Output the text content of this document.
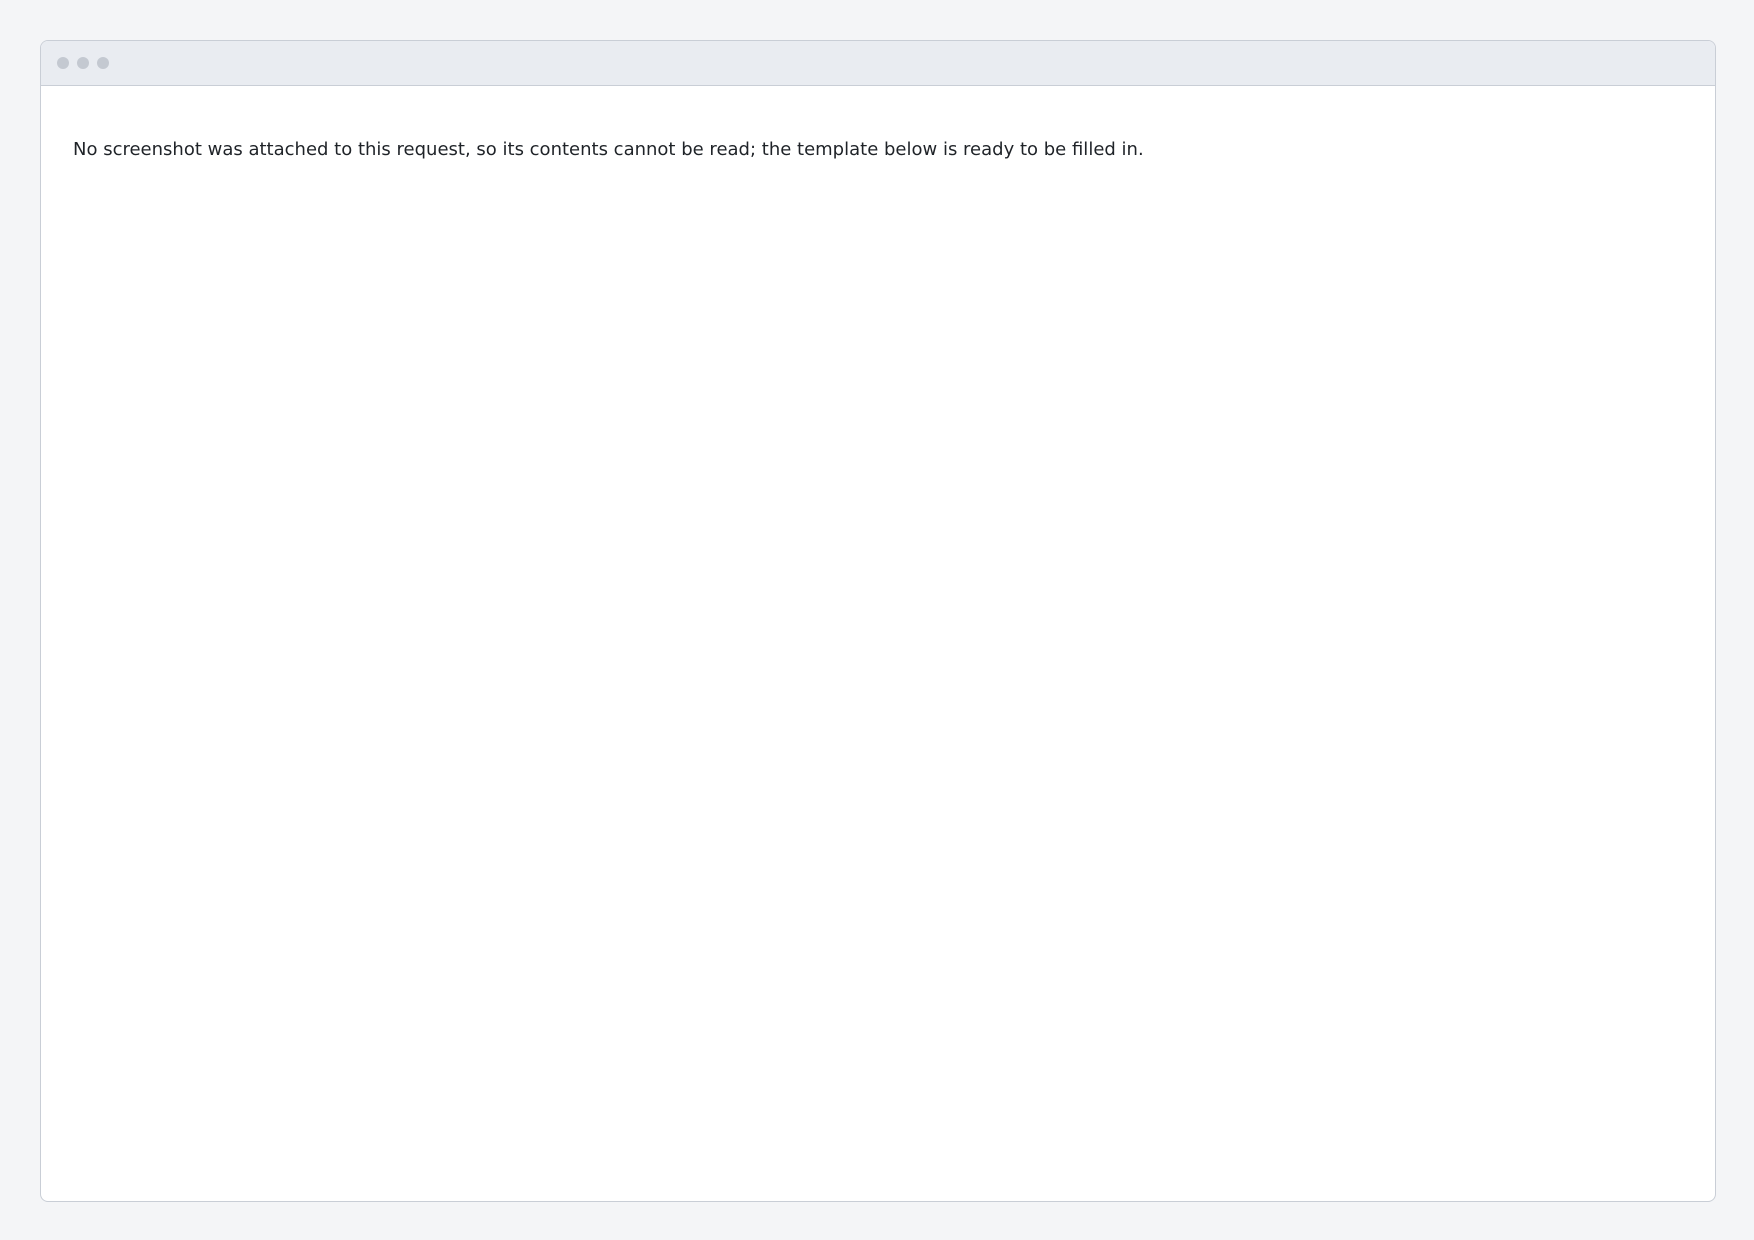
No screenshot was attached to this request, so its contents cannot be read; the template below is ready to be filled in.
